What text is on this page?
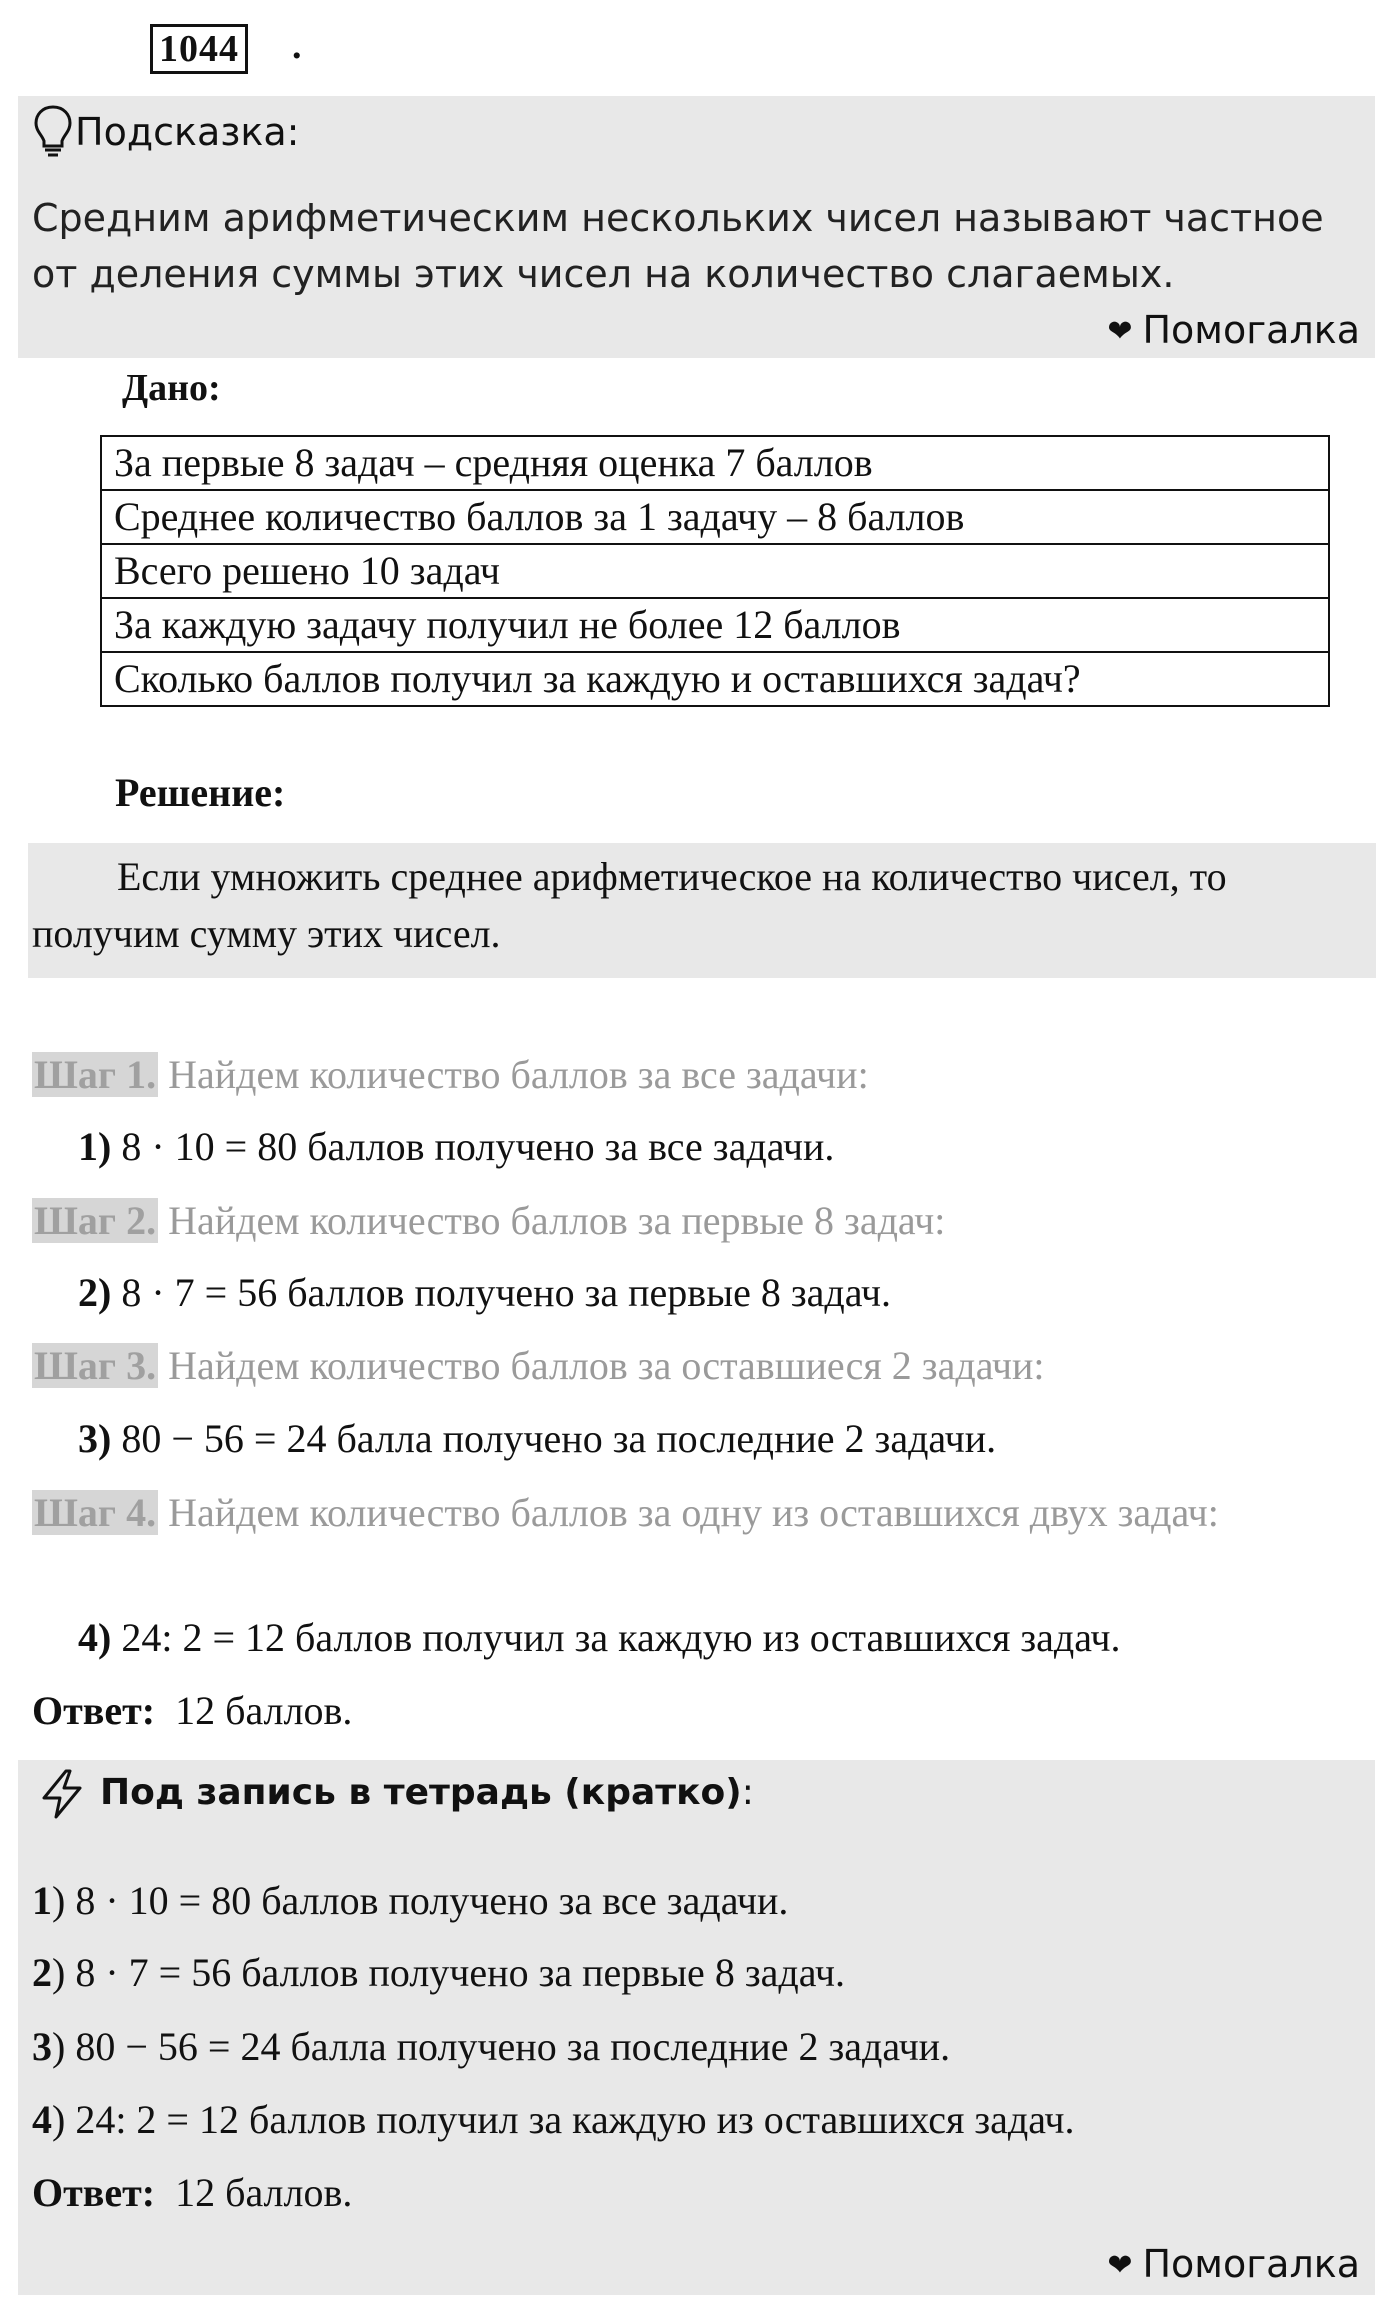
1044 .
Подсказка:
Средним арифметическим нескольких чисел называют частное от деления суммы этих чисел на количество слагаемых.
❤ Помогалка
Дано:
За первые 8 задач – средняя оценка 7 баллов
Среднее количество баллов за 1 задачу – 8 баллов
Всего решено 10 задач
За каждую задачу получил не более 12 баллов
Сколько баллов получил за каждую и оставшихся задач?
Решение:
Если умножить среднее арифметическое на количество чисел, то получим сумму этих чисел.
Шаг 1. Найдем количество баллов за все задачи:
1) 8 · 10 = 80 баллов получено за все задачи.
Шаг 2. Найдем количество баллов за первые 8 задач:
2) 8 · 7 = 56 баллов получено за первые 8 задач.
Шаг 3. Найдем количество баллов за оставшиеся 2 задачи:
3) 80 − 56 = 24 балла получено за последние 2 задачи.
Шаг 4. Найдем количество баллов за одну из оставшихся двух задач:
4) 24: 2 = 12 баллов получил за каждую из оставшихся задач.
Ответ: 12 баллов.
Под запись в тетрадь (кратко):
1) 8 · 10 = 80 баллов получено за все задачи.
2) 8 · 7 = 56 баллов получено за первые 8 задач.
3) 80 − 56 = 24 балла получено за последние 2 задачи.
4) 24: 2 = 12 баллов получил за каждую из оставшихся задач.
Ответ: 12 баллов.
❤ Помогалка
